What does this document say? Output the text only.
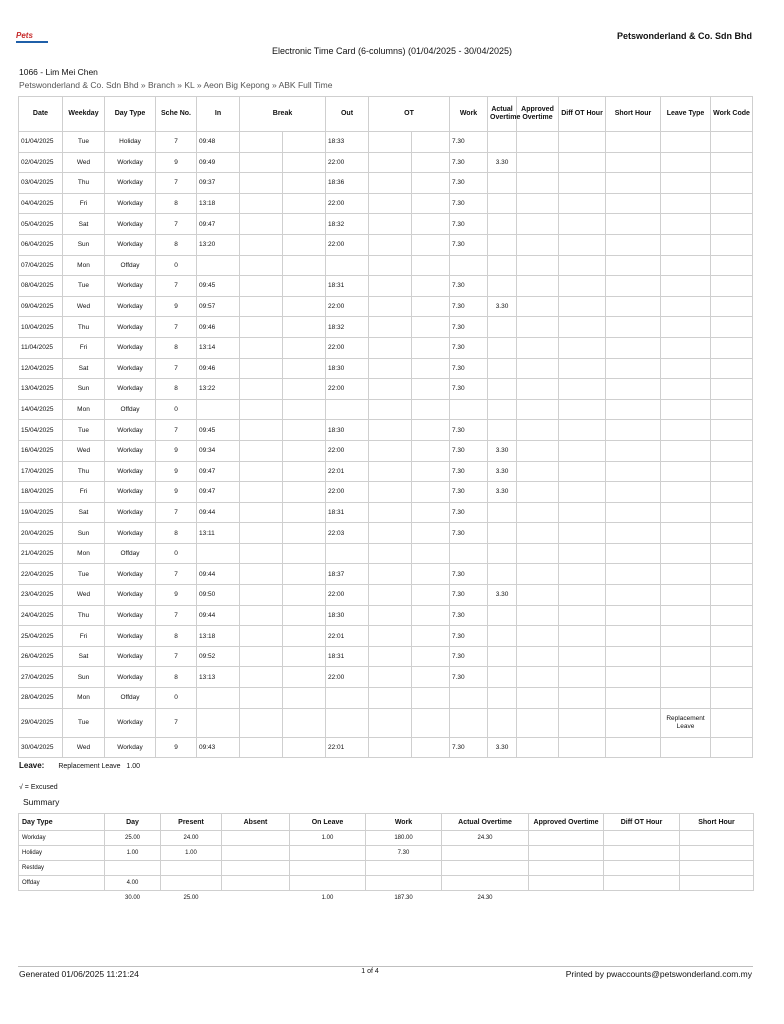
Pets	Petswonderland & Co. Sdn Bhd
Electronic Time Card (6-columns) (01/04/2025 - 30/04/2025)
1066 - Lim Mei Chen
Petswonderland & Co. Sdn Bhd » Branch » KL » Aeon Big Kepong » ABK Full Time
Date	Weekday	Day Type	Sche No.	In	Break		Out	OT		Work	Actual Overtime	Approved Overtime	Diff OT Hour	Short Hour	Leave Type	Work Code
01/04/2025	Tue	Holiday	7	09:48			18:33			7.30						
02/04/2025	Wed	Workday	9	09:49			22:00			7.30	3.30					
03/04/2025	Thu	Workday	7	09:37			18:36			7.30						
04/04/2025	Fri	Workday	8	13:18			22:00			7.30						
05/04/2025	Sat	Workday	7	09:47			18:32			7.30						
06/04/2025	Sun	Workday	8	13:20			22:00			7.30						
07/04/2025	Mon	Offday	0													
08/04/2025	Tue	Workday	7	09:45			18:31			7.30						
09/04/2025	Wed	Workday	9	09:57			22:00			7.30	3.30					
10/04/2025	Thu	Workday	7	09:46			18:32			7.30						
11/04/2025	Fri	Workday	8	13:14			22:00			7.30						
12/04/2025	Sat	Workday	7	09:46			18:30			7.30						
13/04/2025	Sun	Workday	8	13:22			22:00			7.30						
14/04/2025	Mon	Offday	0													
15/04/2025	Tue	Workday	7	09:45			18:30			7.30						
16/04/2025	Wed	Workday	9	09:34			22:00			7.30	3.30					
17/04/2025	Thu	Workday	9	09:47			22:01			7.30	3.30					
18/04/2025	Fri	Workday	9	09:47			22:00			7.30	3.30					
19/04/2025	Sat	Workday	7	09:44			18:31			7.30						
20/04/2025	Sun	Workday	8	13:11			22:03			7.30						
21/04/2025	Mon	Offday	0													
22/04/2025	Tue	Workday	7	09:44			18:37			7.30						
23/04/2025	Wed	Workday	9	09:50			22:00			7.30	3.30					
24/04/2025	Thu	Workday	7	09:44			18:30			7.30						
25/04/2025	Fri	Workday	8	13:18			22:01			7.30						
26/04/2025	Sat	Workday	7	09:52			18:31			7.30						
27/04/2025	Sun	Workday	8	13:13			22:00			7.30						
28/04/2025	Mon	Offday	0													
29/04/2025	Tue	Workday	7												Replacement Leave	
30/04/2025	Wed	Workday	9	09:43			22:01			7.30	3.30					
Leave: Replacement Leave 1.00
√ = Excused
Summary
Day Type	Day	Present	Absent	On Leave	Work	Actual Overtime	Approved Overtime	Diff OT Hour	Short Hour
Workday	25.00	24.00		1.00	180.00	24.30			
Holiday	1.00	1.00			7.30				
Restday									
Offday	4.00								
	30.00	25.00		1.00	187.30	24.30			
Generated 01/06/2025 11:21:24	1 of 4	Printed by pwaccounts@petswonderland.com.my
